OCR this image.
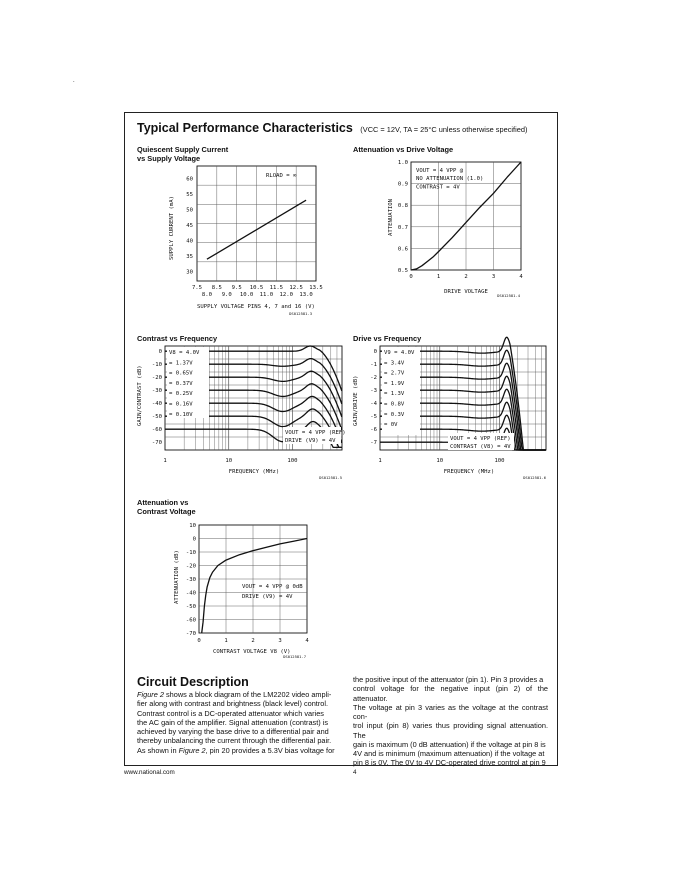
.
Typical Performance Characteristics (VCC = 12V, TA = 25°C unless otherwise specified)
Quiescent Supply Current
vs Supply Voltage
Attenuation vs Drive Voltage
Contrast vs Frequency	Drive vs Frequency
Attenuation vs
Contrast Voltage
60
55
50
45
40
35
30
7.5 8.5 9.5 10.5 11.5 12.5 13.5
8.0 9.0 10.0 11.0 12.0 13.0
SUPPLY VOLTAGE PINS 4, 7 and 16 (V)
SUPPLY CURRENT (mA)
RLOAD = ∞
DS012581-3
1.0
0.9
0.8
0.7
0.6
0.5
0	1	2	3	4
DRIVE VOLTAGE
ATTENUATION
VOUT = 4 VPP @
NO ATTENUATION (1.0)
CONTRAST = 4V
DS012581-4
0
-10
-20
-30
-40
-50
-60
-70
1	10	100
FREQUENCY (MHz)
GAIN/CONTRAST (dB)
V8 = 4.0V
= 1.37V
= 0.65V
= 0.37V
= 0.25V
= 0.16V
= 0.10V
VOUT = 4 VPP (REF)
DRIVE (V9) = 4V
DS012581-5
0
-1
-2
-3
-4
-5
-6
-7
1	10	100
FREQUENCY (MHz)
GAIN/DRIVE (dB)
V9 = 4.0V
= 3.4V
= 2.7V
= 1.9V
= 1.3V
= 0.8V
= 0.3V
= 0V
VOUT = 4 VPP (REF)
CONTRAST (V8) = 4V
DS012581-6
10
0
-10
-20
-30
-40
-50
-60
-70
0	1	2	3	4
CONTRAST VOLTAGE V8 (V)
ATTENUATION (dB)	VOUT = 4 VPP @ 0dB
DRIVE (V9) = 4V
DS012581-7
Circuit Description
Figure 2 shows a block diagram of the LM2202 video ampli-
fier along with contrast and brightness (black level) control.
Contrast control is a DC-operated attenuator which varies
the AC gain of the amplifier. Signal attenuation (contrast) is
achieved by varying the base drive to a differential pair and
thereby unbalancing the current through the differential pair.
As shown in Figure 2, pin 20 provides a 5.3V bias voltage for
the positive input of the attenuator (pin 1). Pin 3 provides a
control voltage for the negative input (pin 2) of the attenuator.
The voltage at pin 3 varies as the voltage at the contrast con-
trol input (pin 8) varies thus providing signal attenuation. The
gain is maximum (0 dB attenuation) if the voltage at pin 8 is
4V and is minimum (maximum attenuation) if the voltage at
pin 8 is 0V. The 0V to 4V DC-operated drive control at pin 9
www.national.com	4
